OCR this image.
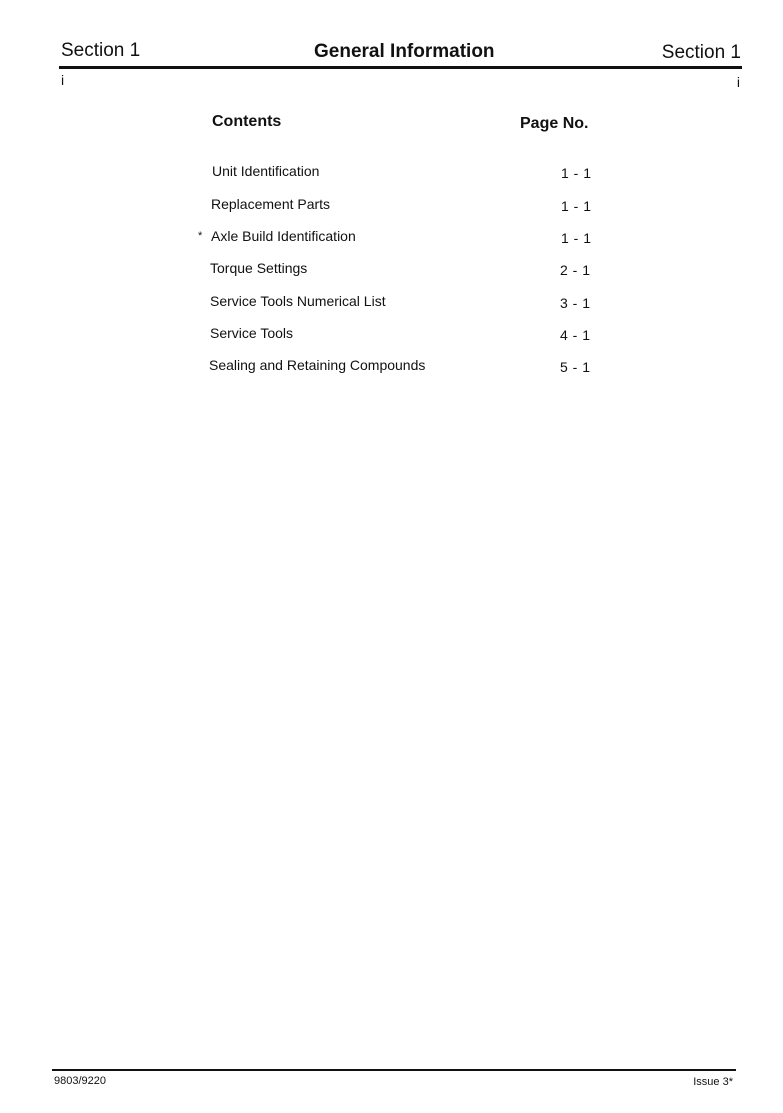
Section 1	General Information	Section 1
i	i
Contents	Page No.
Unit Identification	1 - 1
Replacement Parts	1 - 1
* Axle Build Identification	1 - 1
Torque Settings	2 - 1
Service Tools Numerical List	3 - 1
Service Tools	4 - 1
Sealing and Retaining Compounds	5 - 1
9803/9220	Issue 3*
